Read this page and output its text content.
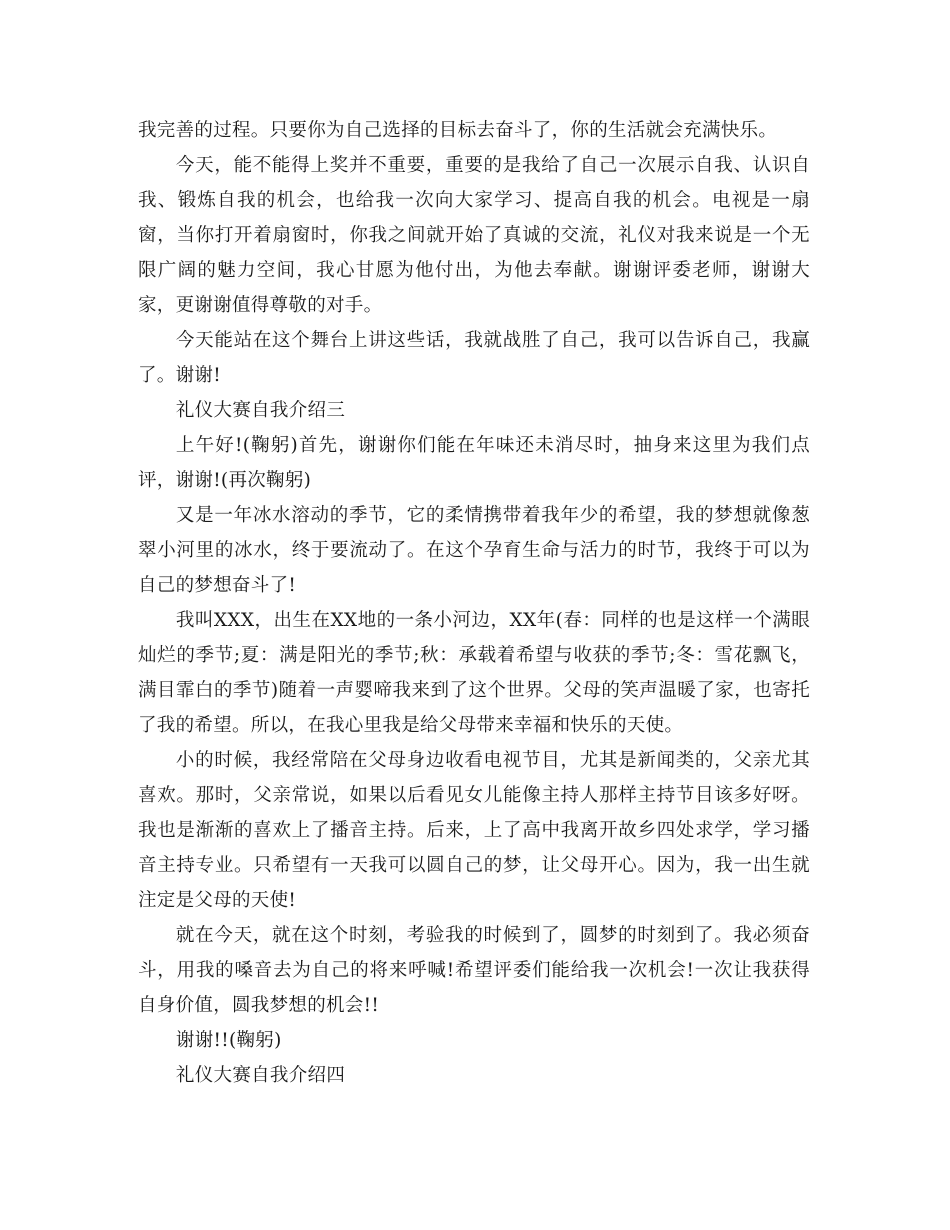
我完善的过程。只要你为自己选择的目标去奋斗了，你的生活就会充满快乐。

今天，能不能得上奖并不重要，重要的是我给了自己一次展示自我、认识自我、锻炼自我的机会，也给我一次向大家学习、提高自我的机会。电视是一扇窗，当你打开着扇窗时，你我之间就开始了真诚的交流，礼仪对我来说是一个无限广阔的魅力空间，我心甘愿为他付出，为他去奉献。谢谢评委老师，谢谢大家，更谢谢值得尊敬的对手。

今天能站在这个舞台上讲这些话，我就战胜了自己，我可以告诉自己，我赢了。谢谢!

礼仪大赛自我介绍三

上午好!(鞠躬)首先，谢谢你们能在年味还未消尽时，抽身来这里为我们点评，谢谢!(再次鞠躬)

又是一年冰水溶动的季节，它的柔情携带着我年少的希望，我的梦想就像葱翠小河里的冰水，终于要流动了。在这个孕育生命与活力的时节，我终于可以为自己的梦想奋斗了!

我叫XXX，出生在XX地的一条小河边，XX年(春：同样的也是这样一个满眼灿烂的季节;夏：满是阳光的季节;秋：承载着希望与收获的季节;冬：雪花飘飞，满目霏白的季节)随着一声婴啼我来到了这个世界。父母的笑声温暖了家，也寄托了我的希望。所以，在我心里我是给父母带来幸福和快乐的天使。

小的时候，我经常陪在父母身边收看电视节目，尤其是新闻类的，父亲尤其喜欢。那时，父亲常说，如果以后看见女儿能像主持人那样主持节目该多好呀。我也是渐渐的喜欢上了播音主持。后来，上了高中我离开故乡四处求学，学习播音主持专业。只希望有一天我可以圆自己的梦，让父母开心。因为，我一出生就注定是父母的天使!

就在今天，就在这个时刻，考验我的时候到了，圆梦的时刻到了。我必须奋斗，用我的嗓音去为自己的将来呼喊!希望评委们能给我一次机会!一次让我获得自身价值，圆我梦想的机会!!

谢谢!!(鞠躬)

礼仪大赛自我介绍四
